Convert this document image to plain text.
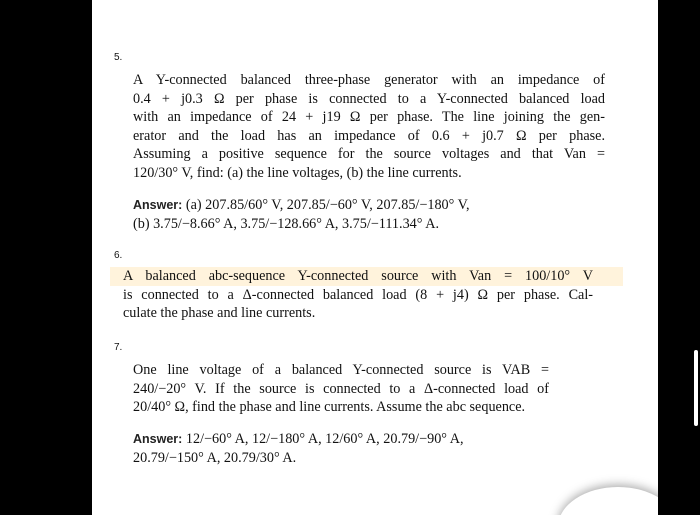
5.
A Y-connected balanced three-phase generator with an impedance of
0.4 + j0.3 Ω per phase is connected to a Y-connected balanced load
with an impedance of 24 + j19 Ω per phase. The line joining the gen-
erator and the load has an impedance of 0.6 + j0.7 Ω per phase.
Assuming a positive sequence for the source voltages and that Van =
120/30° V, find: (a) the line voltages, (b) the line currents.
Answer: (a) 207.85/60° V, 207.85/−60° V, 207.85/−180° V,
(b) 3.75/−8.66° A, 3.75/−128.66° A, 3.75/−111.34° A.
6.
A balanced abc-sequence Y-connected source with Van = 100/10° V
is connected to a Δ-connected balanced load (8 + j4) Ω per phase. Cal-
culate the phase and line currents.
7.
One line voltage of a balanced Y-connected source is VAB =
240/−20° V. If the source is connected to a Δ-connected load of
20/40° Ω, find the phase and line currents. Assume the abc sequence.
Answer: 12/−60° A, 12/−180° A, 12/60° A, 20.79/−90° A,
20.79/−150° A, 20.79/30° A.
